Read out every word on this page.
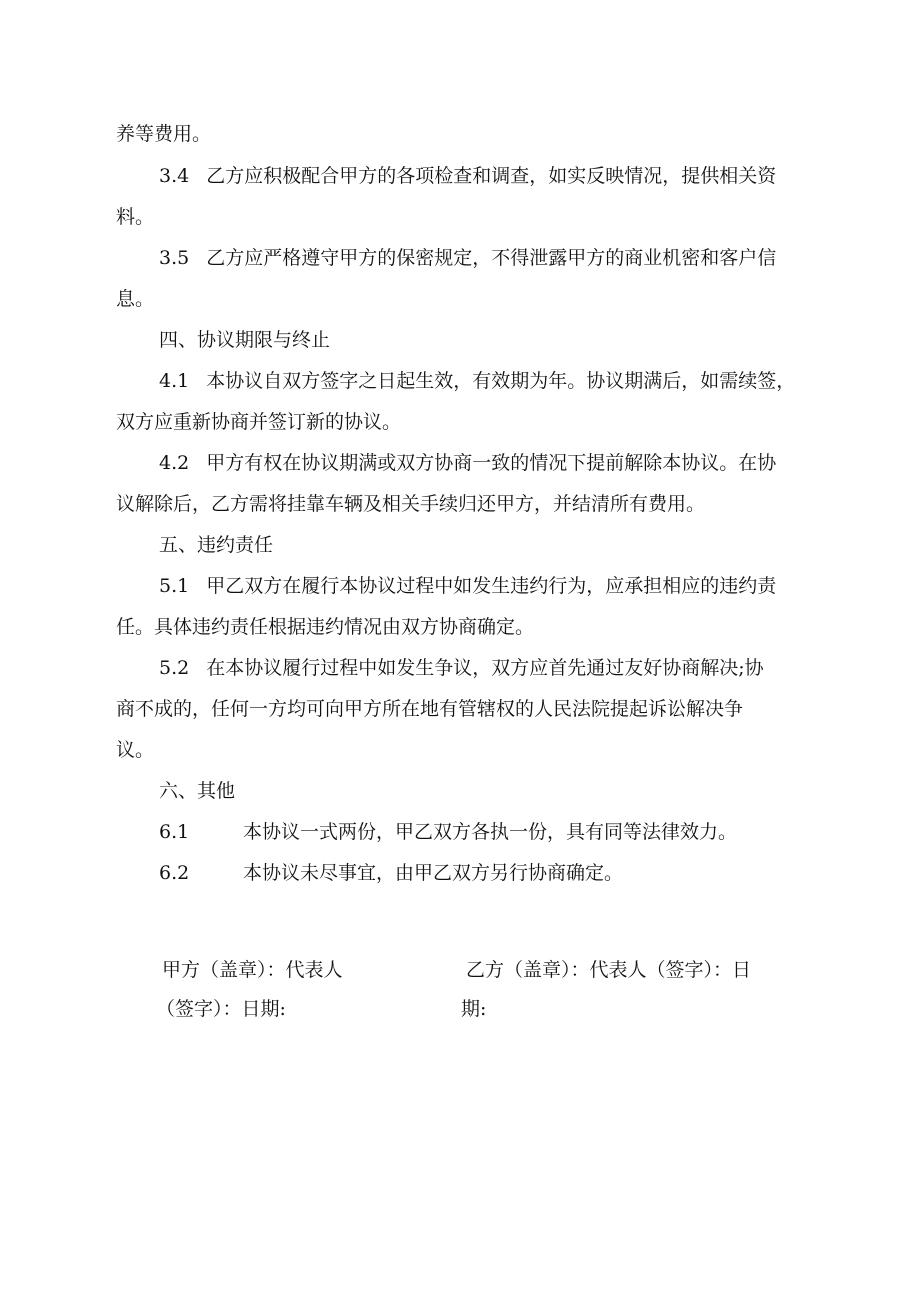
养等费用。

3.4 乙方应积极配合甲方的各项检查和调查，如实反映情况，提供相关资

料。

3.5 乙方应严格遵守甲方的保密规定，不得泄露甲方的商业机密和客户信

息。

四、协议期限与终止

4.1 本协议自双方签字之日起生效，有效期为年。协议期满后，如需续签，

双方应重新协商并签订新的协议。

4.2 甲方有权在协议期满或双方协商一致的情况下提前解除本协议。在协

议解除后，乙方需将挂靠车辆及相关手续归还甲方，并结清所有费用。

五、违约责任

5.1 甲乙双方在履行本协议过程中如发生违约行为，应承担相应的违约责

任。具体违约责任根据违约情况由双方协商确定。

5.2 在本协议履行过程中如发生争议，双方应首先通过友好协商解决;协

商不成的，任何一方均可向甲方所在地有管辖权的人民法院提起诉讼解决争

议。

六、其他

6.1	本协议一式两份，甲乙双方各执一份，具有同等法律效力。

6.2	本协议未尽事宜，由甲乙双方另行协商确定。

甲方（盖章）：代表人
（签字）：日期:
乙方（盖章）：代表人（签字）：日
期:
